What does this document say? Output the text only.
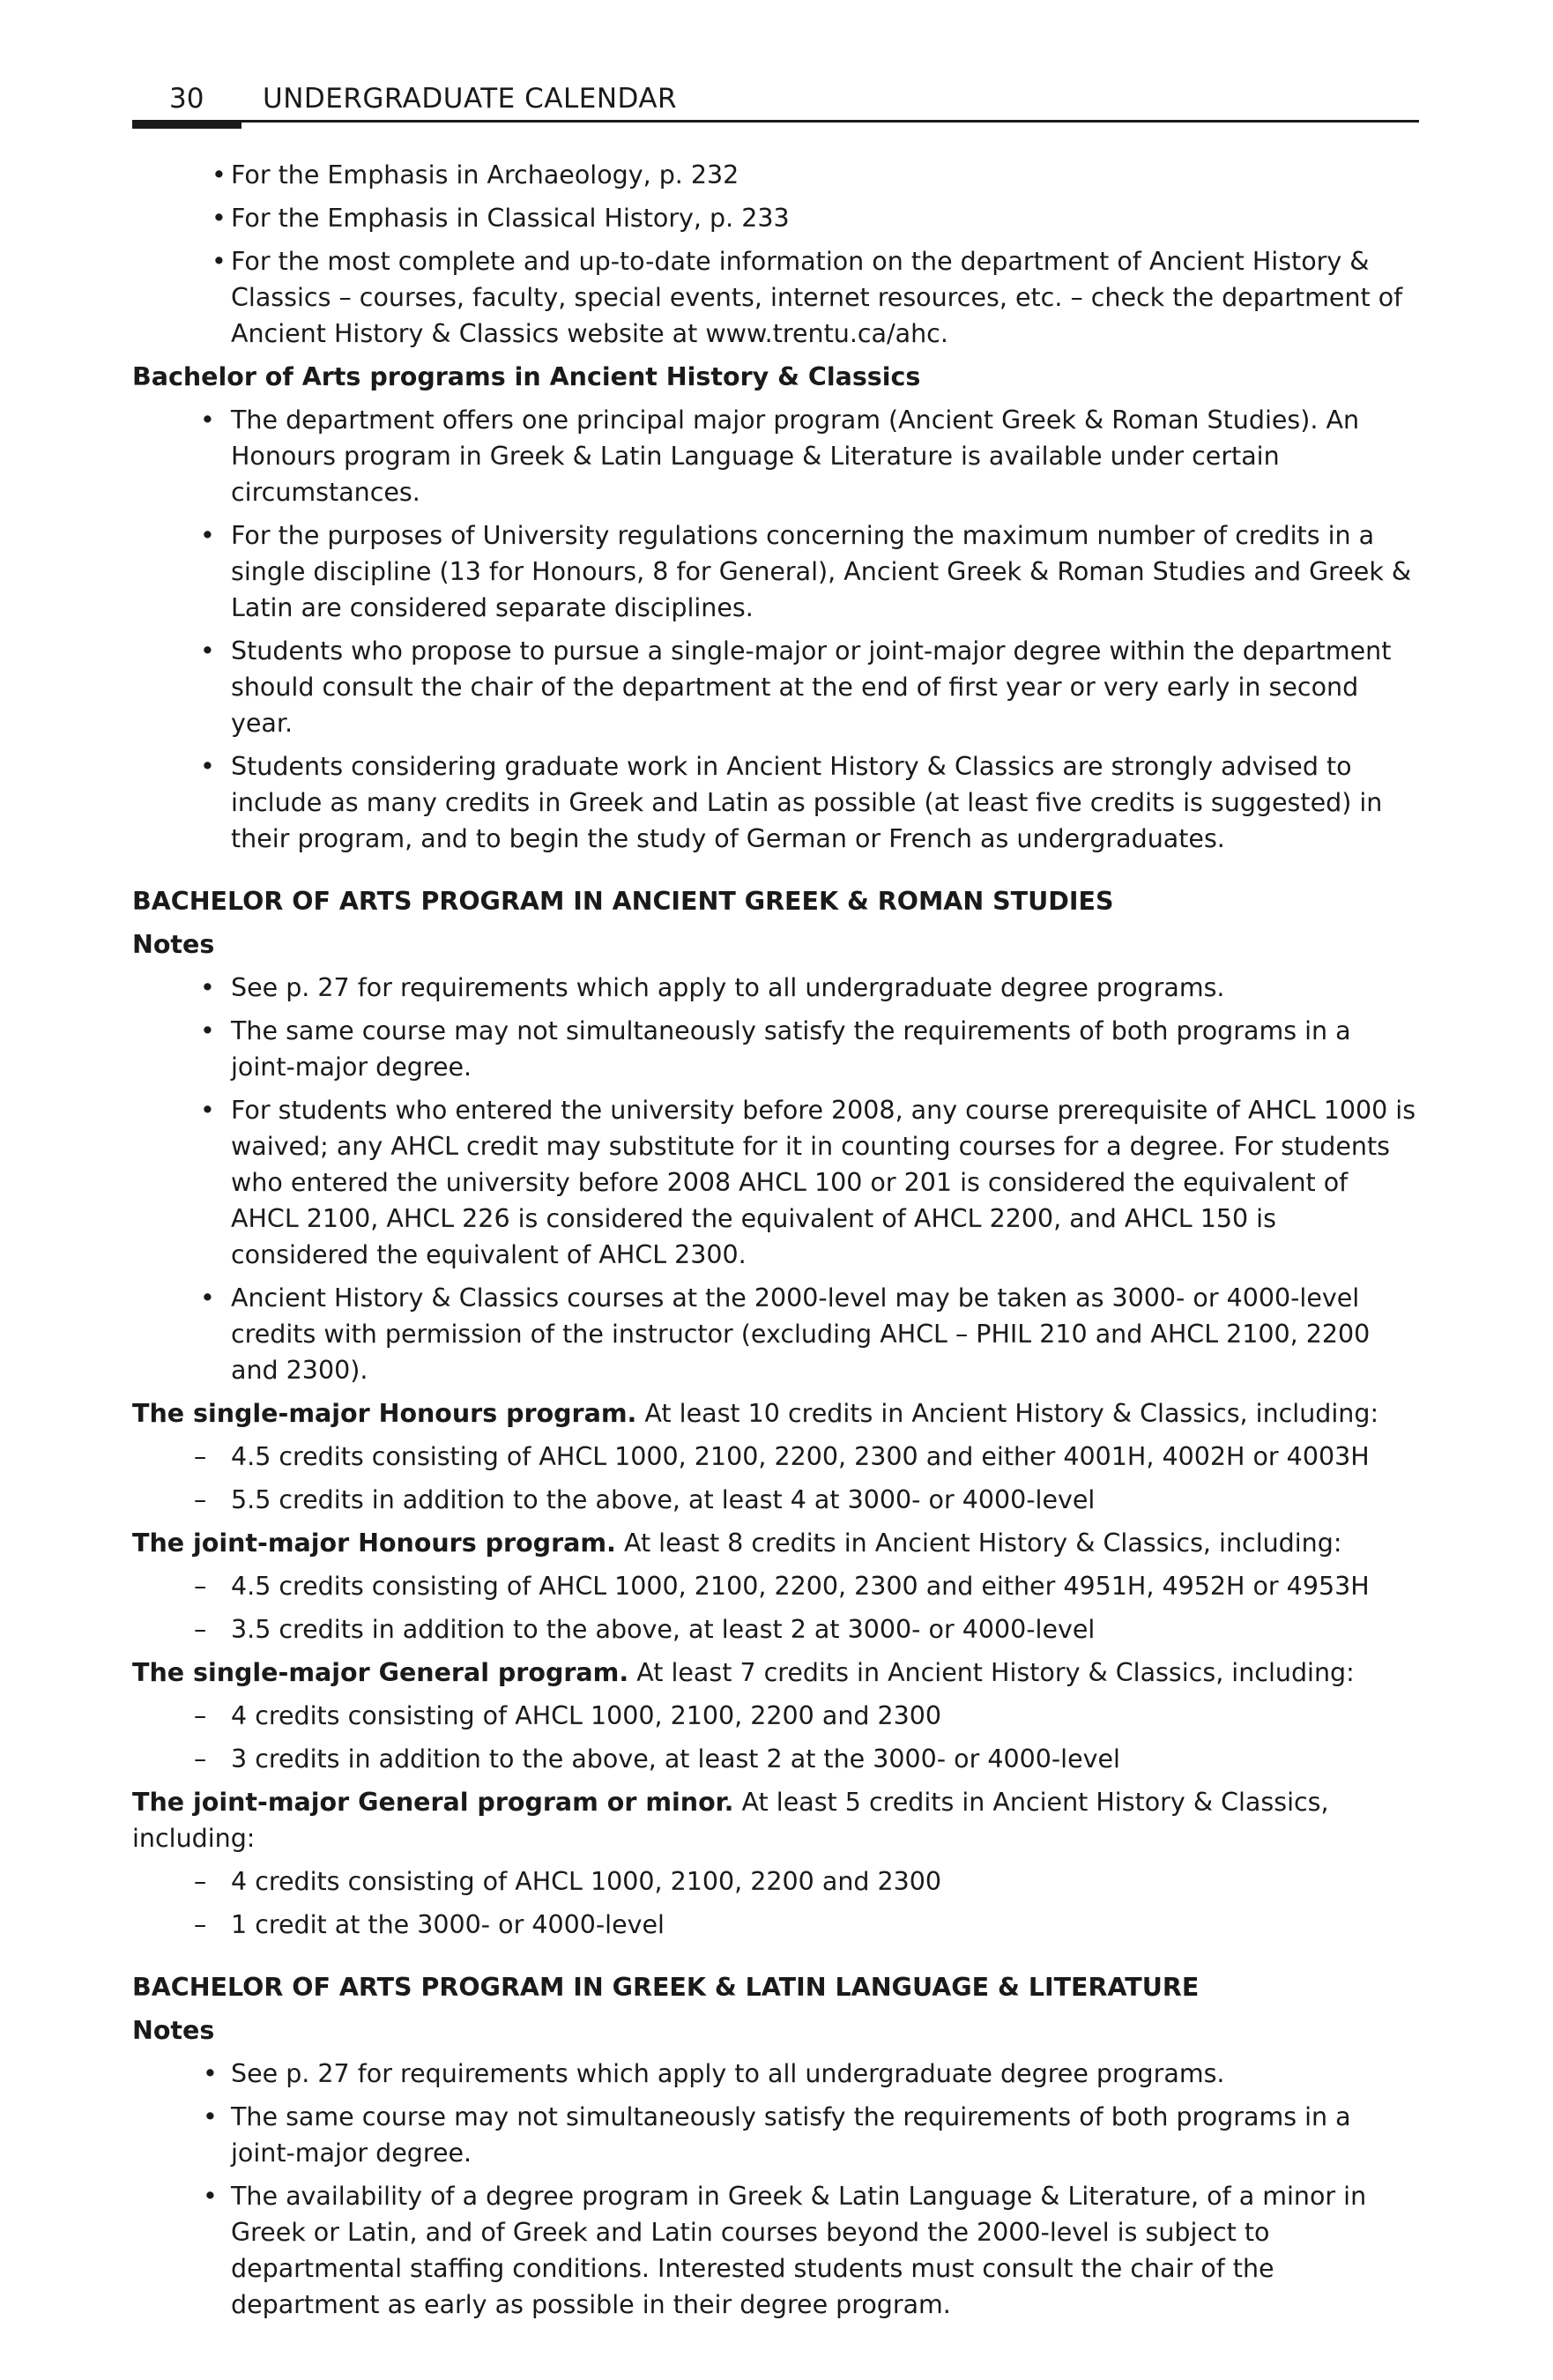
30 UNDERGRADUATE CALENDAR
• For the Emphasis in Archaeology, p. 232
• For the Emphasis in Classical History, p. 233
• For the most complete and up-to-date information on the department of Ancient History & Classics – courses, faculty, special events, internet resources, etc. – check the department of Ancient History & Classics website at www.trentu.ca/ahc.
Bachelor of Arts programs in Ancient History & Classics
• The department offers one principal major program (Ancient Greek & Roman Studies). An Honours program in Greek & Latin Language & Literature is available under certain circumstances.
• For the purposes of University regulations concerning the maximum number of credits in a single discipline (13 for Honours, 8 for General), Ancient Greek & Roman Studies and Greek & Latin are considered separate disciplines.
• Students who propose to pursue a single-major or joint-major degree within the department should consult the chair of the department at the end of first year or very early in second year.
• Students considering graduate work in Ancient History & Classics are strongly advised to include as many credits in Greek and Latin as possible (at least five credits is suggested) in their program, and to begin the study of German or French as undergraduates.
BACHELOR OF ARTS PROGRAM IN ANCIENT GREEK & ROMAN STUDIES
Notes
• See p. 27 for requirements which apply to all undergraduate degree programs.
• The same course may not simultaneously satisfy the requirements of both programs in a joint-major degree.
• For students who entered the university before 2008, any course prerequisite of AHCL 1000 is waived; any AHCL credit may substitute for it in counting courses for a degree. For students who entered the university before 2008 AHCL 100 or 201 is considered the equivalent of AHCL 2100, AHCL 226 is considered the equivalent of AHCL 2200, and AHCL 150 is considered the equivalent of AHCL 2300.
• Ancient History & Classics courses at the 2000-level may be taken as 3000- or 4000-level credits with permission of the instructor (excluding AHCL – PHIL 210 and AHCL 2100, 2200 and 2300).
The single-major Honours program. At least 10 credits in Ancient History & Classics, including:
– 4.5 credits consisting of AHCL 1000, 2100, 2200, 2300 and either 4001H, 4002H or 4003H
– 5.5 credits in addition to the above, at least 4 at 3000- or 4000-level
The joint-major Honours program. At least 8 credits in Ancient History & Classics, including:
– 4.5 credits consisting of AHCL 1000, 2100, 2200, 2300 and either 4951H, 4952H or 4953H
– 3.5 credits in addition to the above, at least 2 at 3000- or 4000-level
The single-major General program. At least 7 credits in Ancient History & Classics, including:
– 4 credits consisting of AHCL 1000, 2100, 2200 and 2300
– 3 credits in addition to the above, at least 2 at the 3000- or 4000-level
The joint-major General program or minor. At least 5 credits in Ancient History & Classics, including:
– 4 credits consisting of AHCL 1000, 2100, 2200 and 2300
– 1 credit at the 3000- or 4000-level
BACHELOR OF ARTS PROGRAM IN GREEK & LATIN LANGUAGE & LITERATURE
Notes
• See p. 27 for requirements which apply to all undergraduate degree programs.
• The same course may not simultaneously satisfy the requirements of both programs in a joint-major degree.
• The availability of a degree program in Greek & Latin Language & Literature, of a minor in Greek or Latin, and of Greek and Latin courses beyond the 2000-level is subject to departmental staffing conditions. Interested students must consult the chair of the department as early as possible in their degree program.
